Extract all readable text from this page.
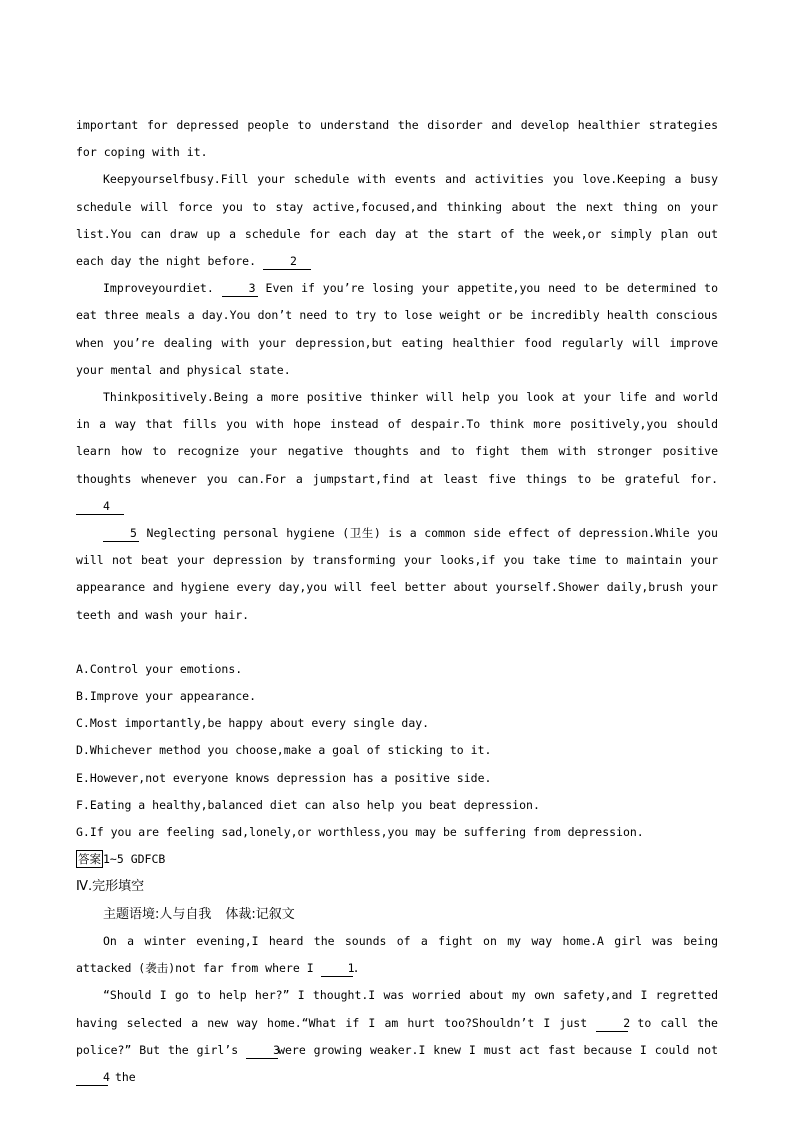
important for depressed people to understand the disorder and develop healthier strategies for coping with it.

Keepyourselfbusy.Fill your schedule with events and activities you love.Keeping a busy schedule will force you to stay active,focused,and thinking about the next thing on your list.You can draw up a schedule for each day at the start of the week,or simply plan out each day the night before.	2

Improveyourdiet.	3 Even if you’re losing your appetite,you need to be determined to eat three meals a day.You don’t need to try to lose weight or be incredibly health conscious when you’re dealing with your depression,but eating healthier food regularly will improve your mental and physical state.

Thinkpositively.Being a more positive thinker will help you look at your life and world in a way that fills you with hope instead of despair.To think more positively,you should learn how to recognize your negative thoughts and to fight them with stronger positive thoughts whenever you can.For a jumpstart,find at least five things to be grateful for. 4

5 Neglecting personal hygiene (卫生) is a common side effect of depression.While you will not beat your depression by transforming your looks,if you take time to maintain your appearance and hygiene every day,you will feel better about yourself.Shower daily,brush your teeth and wash your hair.

A.Control your emotions.

B.Improve your appearance.

C.Most importantly,be happy about every single day.

D.Whichever method you choose,make a goal of sticking to it.

E.However,not everyone knows depression has a positive side.

F.Eating a healthy,balanced diet can also help you beat depression.

G.If you are feeling sad,lonely,or worthless,you may be suffering from depression.

答案 1~5 GDFCB

Ⅳ.完形填空

主题语境:人与自我 体裁:记叙文

On a winter evening,I heard the sounds of a fight on my way home.A girl was being attacked (袭击)not far from where I	1.

“Should I go to help her?” I thought.I was worried about my own safety,and I regretted having selected a new way home.“What if I am hurt too?Shouldn’t I just	2 to call the police?” But the girl’s	3were growing weaker.I knew I must act fast because I could not 4 the
